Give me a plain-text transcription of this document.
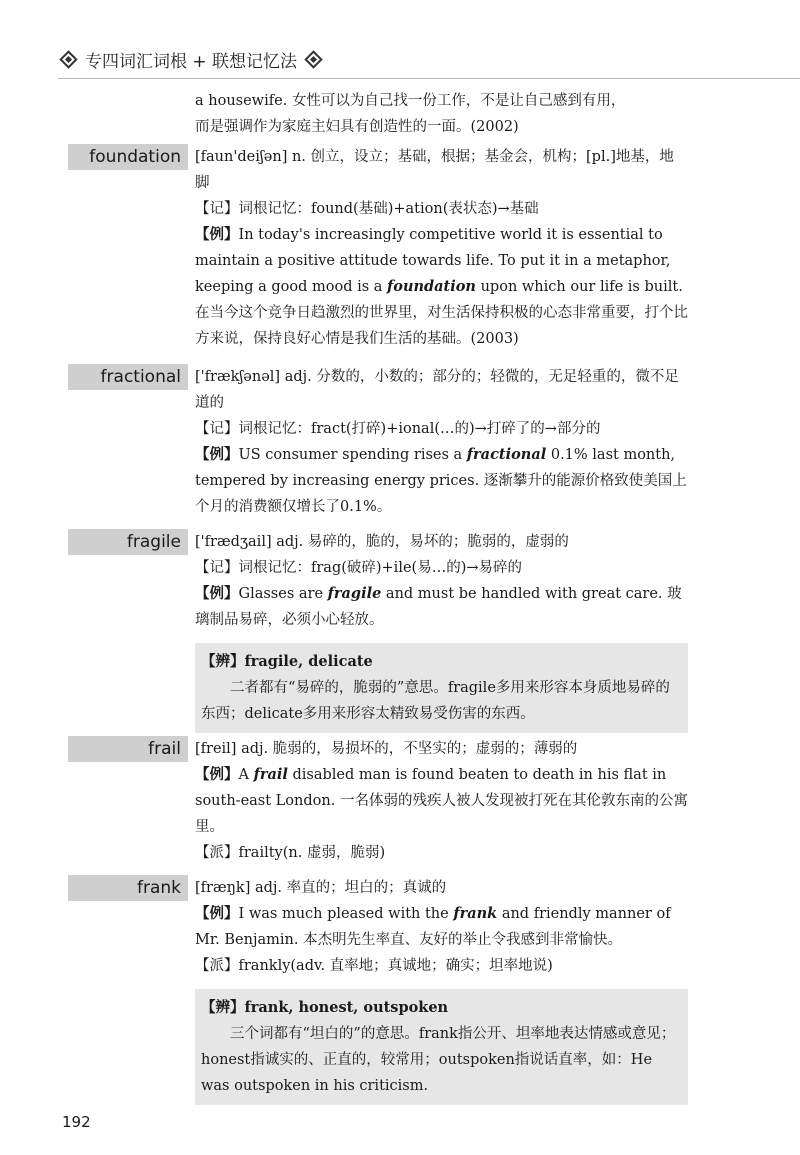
专四词汇词根 + 联想记忆法
a housewife. 女性可以为自己找一份工作，不是让自己感到有用，
而是强调作为家庭主妇具有创造性的一面。(2002)
foundation [faun'deiʃən] n. 创立，设立；基础，根据；基金会，机构；[pl.]地基，地脚
【记】词根记忆：found(基础)+ation(表状态)→基础
【例】In today's increasingly competitive world it is essential to maintain a positive attitude towards life. To put it in a metaphor, keeping a good mood is a foundation upon which our life is built. 在当今这个竞争日趋激烈的世界里，对生活保持积极的心态非常重要，打个比方来说，保持良好心情是我们生活的基础。(2003)
fractional ['frækʃənəl] adj. 分数的，小数的；部分的；轻微的，无足轻重的，微不足道的
【记】词根记忆：fract(打碎)+ional(…的)→打碎了的→部分的
【例】US consumer spending rises a fractional 0.1% last month, tempered by increasing energy prices. 逐渐攀升的能源价格致使美国上个月的消费额仅增长了0.1%。
fragile ['frædʒail] adj. 易碎的，脆的，易坏的；脆弱的，虚弱的
【记】词根记忆：frag(破碎)+ile(易…的)→易碎的
【例】Glasses are fragile and must be handled with great care. 玻璃制品易碎，必须小心轻放。
【辨】fragile, delicate
二者都有“易碎的，脆弱的”意思。fragile多用来形容本身质地易碎的东西；delicate多用来形容太精致易受伤害的东西。
frail [freil] adj. 脆弱的，易损坏的，不坚实的；虚弱的；薄弱的
【例】A frail disabled man is found beaten to death in his flat in south-east London. 一名体弱的残疾人被人发现被打死在其伦敦东南的公寓里。
【派】frailty(n. 虚弱，脆弱)
frank [fræŋk] adj. 率直的；坦白的；真诚的
【例】I was much pleased with the frank and friendly manner of Mr. Benjamin. 本杰明先生率直、友好的举止令我感到非常愉快。
【派】frankly(adv. 直率地；真诚地；确实；坦率地说)
【辨】frank, honest, outspoken
三个词都有“坦白的”的意思。frank指公开、坦率地表达情感或意见；honest指诚实的、正直的，较常用；outspoken指说话直率，如：He was outspoken in his criticism.
192
